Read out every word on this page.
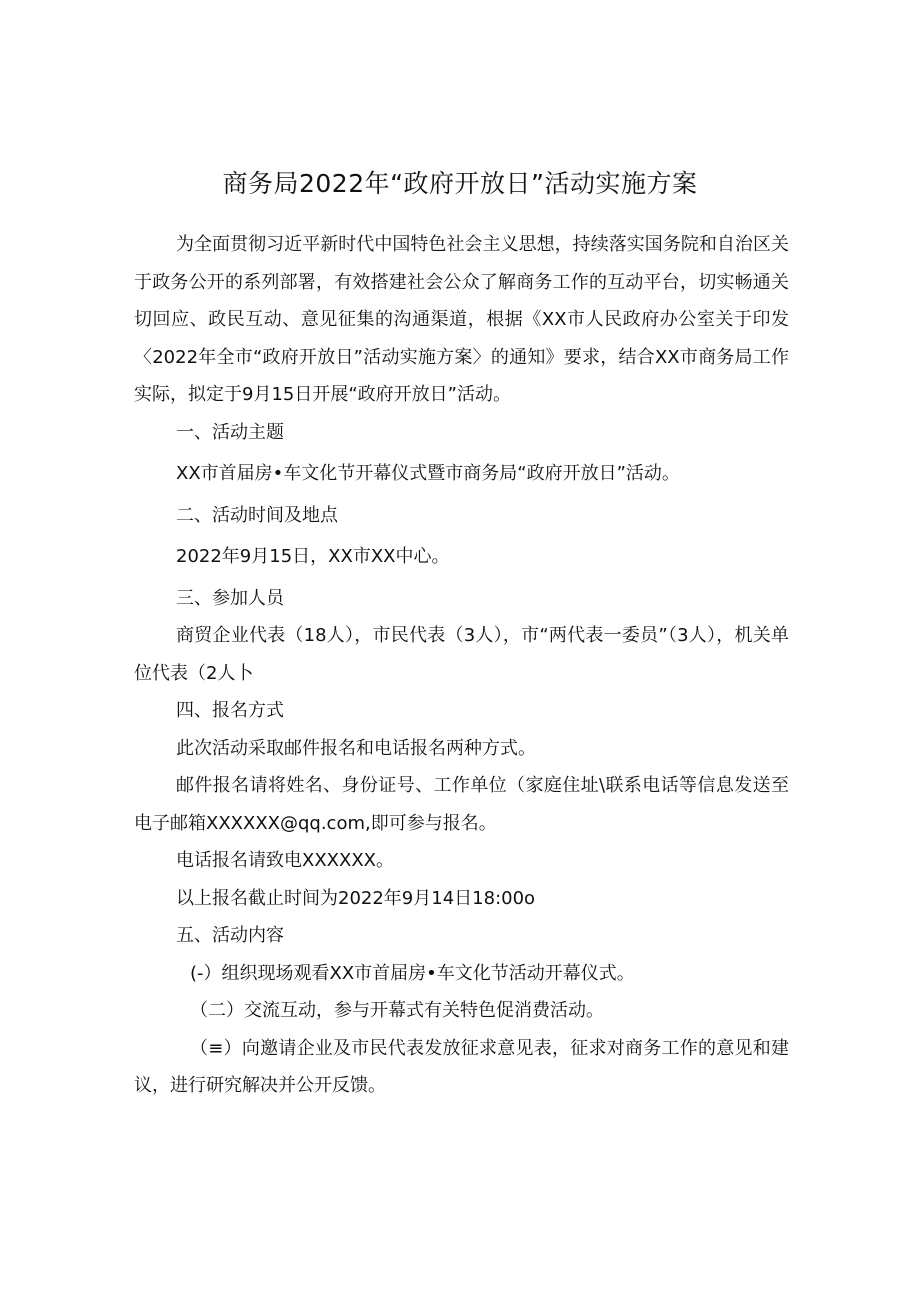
商务局2022年“政府开放日”活动实施方案

为全面贯彻习近平新时代中国特色社会主义思想，持续落实国务院和自治区关于政务公开的系列部署，有效搭建社会公众了解商务工作的互动平台，切实畅通关切回应、政民互动、意见征集的沟通渠道，根据《XX市人民政府办公室关于印发〈2022年全市“政府开放日”活动实施方案〉的通知》要求，结合XX市商务局工作实际，拟定于9月15日开展“政府开放日”活动。

一、活动主题

XX市首届房•车文化节开幕仪式暨市商务局“政府开放日”活动。

二、活动时间及地点

2022年9月15日，XX市XX中心。

三、参加人员

商贸企业代表（18人），市民代表（3人），市“两代表一委员”（3人），机关单位代表（2人卜

四、报名方式

此次活动采取邮件报名和电话报名两种方式。

邮件报名请将姓名、身份证号、工作单位（家庭住址\联系电话等信息发送至电子邮箱XXXXXX@qq.com,即可参与报名。

电话报名请致电XXXXXX。

以上报名截止时间为2022年9月14日18:00o

五、活动内容

(-）组织现场观看XX市首届房•车文化节活动开幕仪式。

（二）交流互动，参与开幕式有关特色促消费活动。

（≡）向邀请企业及市民代表发放征求意见表，征求对商务工作的意见和建议，进行研究解决并公开反馈。
